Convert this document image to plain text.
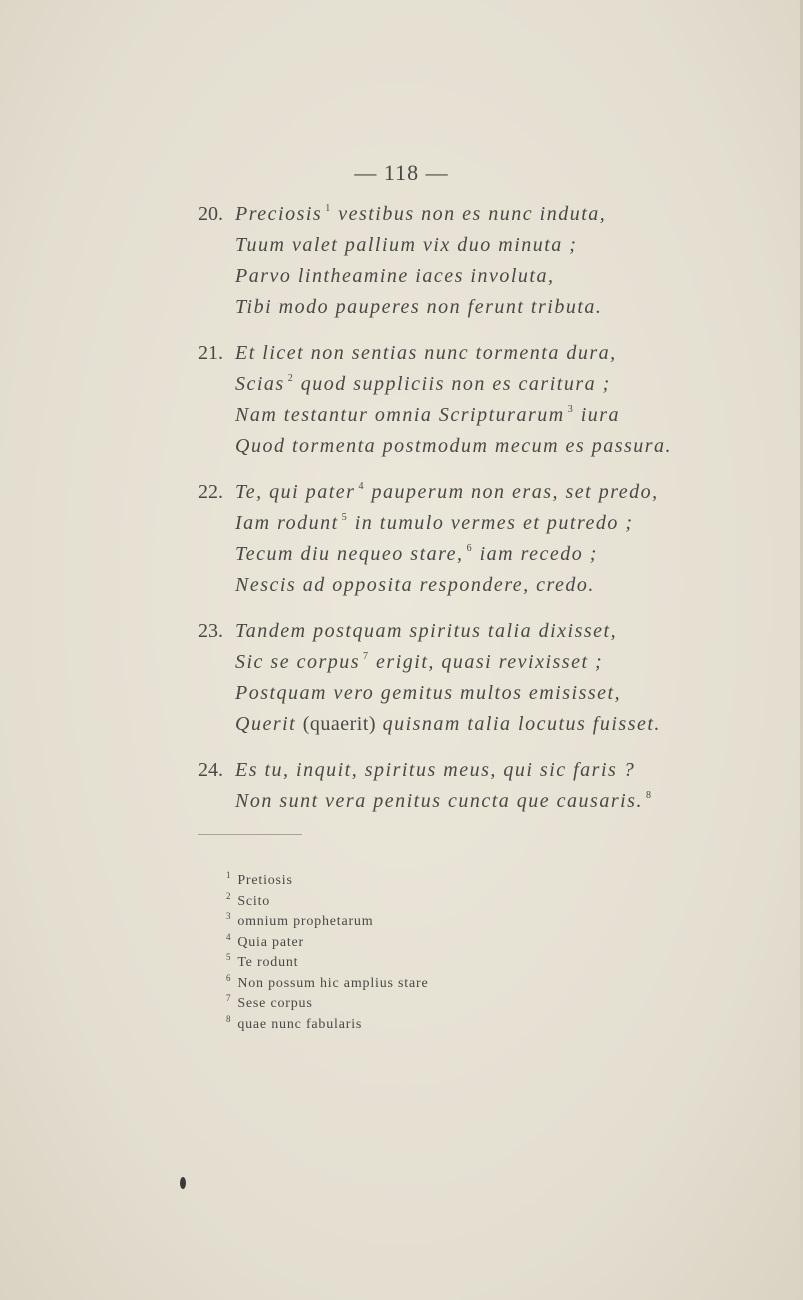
— 118 —
20. Preciosis $^1$ vestibus non es nunc induta,
Tuum valet pallium vix duo minuta ;
Parvo lintheamine iaces involuta,
Tibi modo pauperes non ferunt tributa.
21. Et licet non sentias nunc tormenta dura,
Scias $^2$ quod suppliciis non es caritura ;
Nam testantur omnia Scripturarum $^3$ iura
Quod tormenta postmodum mecum es passura.
22. Te, qui pater $^4$ pauperum non eras, set predo,
Iam rodunt $^5$ in tumulo vermes et putredo ;
Tecum diu nequeo stare, $^6$ iam recedo ;
Nescis ad opposita respondere, credo.
23. Tandem postquam spiritus talia dixisset,
Sic se corpus $^7$ erigit, quasi revixisset ;
Postquam vero gemitus multos emisisset,
Querit (quaerit) quisnam talia locutus fuisset.
24. Es tu, inquit, spiritus meus, qui sic faris ?
Non sunt vera penitus cuncta que causaris. $^8$
$^1$ Pretiosis
$^2$ Scito
$^3$ omnium prophetarum
$^4$ Quia pater
$^5$ Te rodunt
$^6$ Non possum hic amplius stare
$^7$ Sese corpus
$^8$ quae nunc fabularis
